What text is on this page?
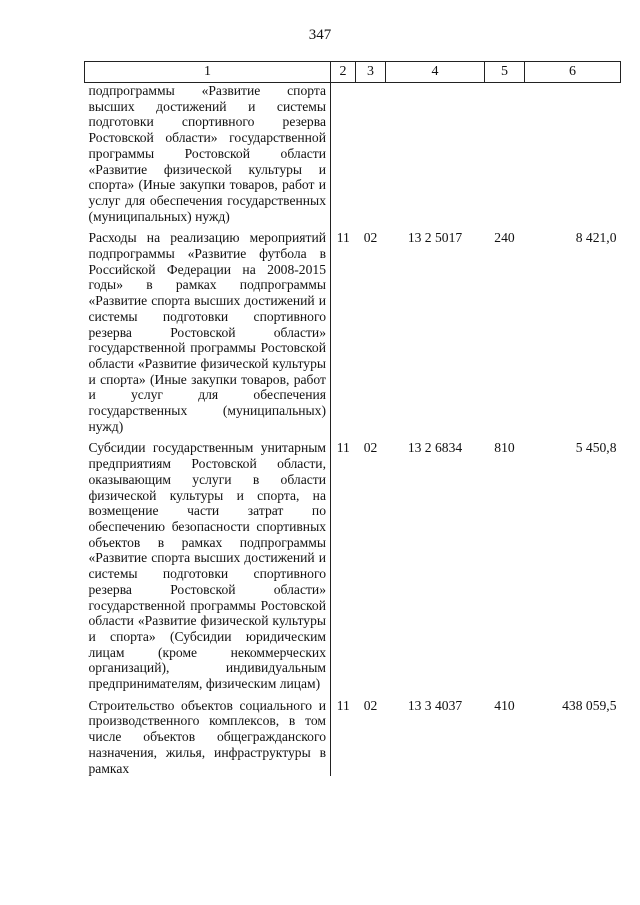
347
1	2	3	4	5	6
подпрограммы «Развитие спорта высших достижений и системы подготовки спортивного резерва Ростовской области» государственной программы Ростовской области «Развитие физической культуры и спорта» (Иные закупки товаров, работ и услуг для обеспечения государственных (муниципальных) нужд)					
Расходы на реализацию мероприятий подпрограммы «Развитие футбола в Российской Федерации на 2008-2015 годы» в рамках подпрограммы «Развитие спорта высших достижений и системы подготовки спортивного резерва Ростовской области» государственной программы Ростовской области «Развитие физической культуры и спорта» (Иные закупки товаров, работ и услуг для обеспечения государственных (муниципальных) нужд)	11	02	13 2 5017	240	8 421,0
Субсидии государственным унитарным предприятиям Ростовской области, оказывающим услуги в области физической культуры и спорта, на возмещение части затрат по обеспечению безопасности спортивных объектов в рамках подпрограммы «Развитие спорта высших достижений и системы подготовки спортивного резерва Ростовской области» государственной программы Ростовской области «Развитие физической культуры и спорта» (Субсидии юридическим лицам (кроме некоммерческих организаций), индивидуальным предпринимателям, физическим лицам)	11	02	13 2 6834	810	5 450,8
Строительство объектов социального и производственного комплексов, в том числе объектов общегражданского назначения, жилья, инфраструктуры в рамках	11	02	13 3 4037	410	438 059,5
